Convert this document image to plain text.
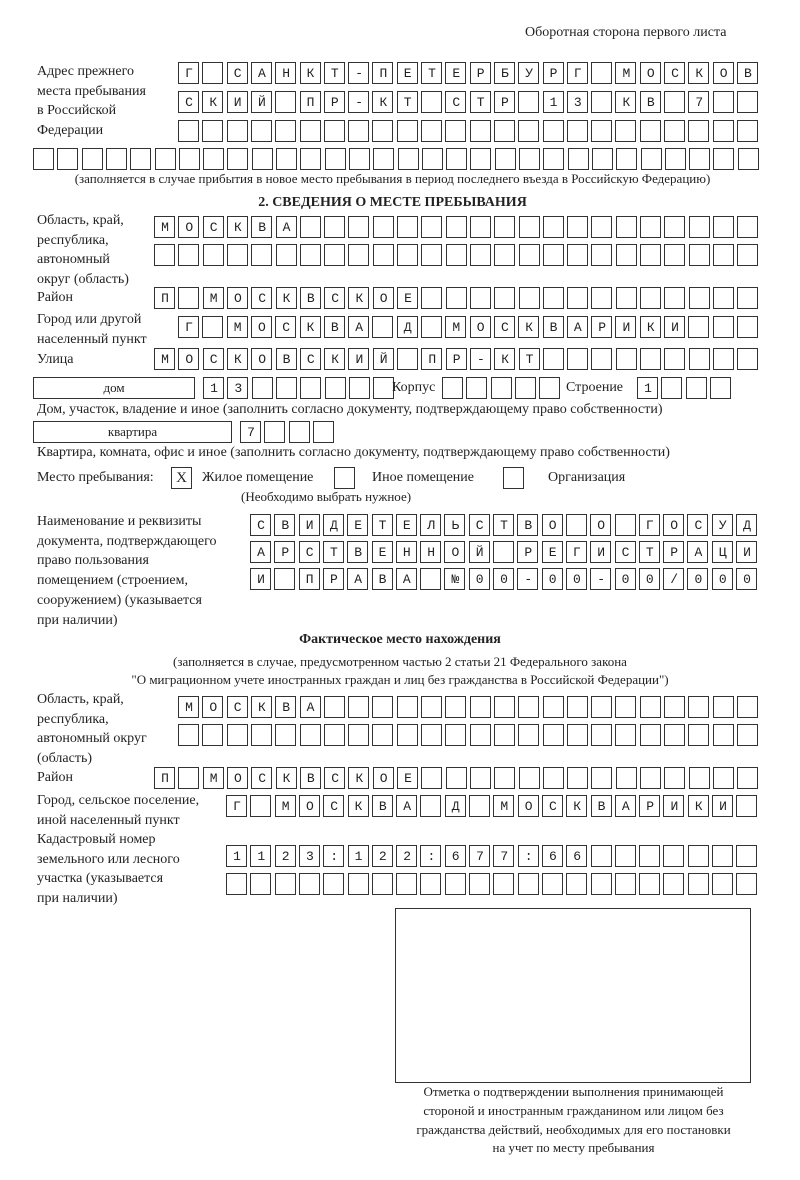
Оборотная сторона первого листа
Адрес прежнего
места пребывания
в Российской
Федерации
Г САНКТ-ПЕТЕРБУРГ МОСКОВ
СКИЙ ПР-КТ СТР 13 КВ 7
(заполняется в случае прибытия в новое место пребывания в период последнего въезда в Российскую Федерацию)
2. СВЕДЕНИЯ О МЕСТЕ ПРЕБЫВАНИЯ
Область, край,
республика,
автономный
округ (область)
МОСКВА
Район	П МОСКВСКОЕ
Город или другой
населенный пункт
Г МОСКВА Д МОСКВАРИКИ
Улица	МОСКОВСКИЙ ПР-КТ
дом	13	Корпус	Строение	1
Дом, участок, владение и иное (заполнить согласно документу, подтверждающему право собственности)
квартира	7
Квартира, комната, офис и иное (заполнить согласно документу, подтверждающему право собственности)
Место пребывания:	X	Жилое помещение	Иное помещение	Организация
(Необходимо выбрать нужное)
Наименование и реквизиты
документа, подтверждающего
право пользования
помещением (строением,
сооружением) (указывается
при наличии)
СВИДЕТЕЛЬСТВО О ГОСУД
АРСТВЕННОЙ РЕГИСТРАЦИ
И ПРАВА №00-00-00/000
Фактическое место нахождения
(заполняется в случае, предусмотренном частью 2 статьи 21 Федерального закона
"О миграционном учете иностранных граждан и лиц без гражданства в Российской Федерации")
Область, край,
республика,
автономный округ
(область)
МОСКВА
Район	П МОСКВСКОЕ
Город, сельское поселение,
иной населенный пункт
Г МОСКВА Д МОСКВАРИКИ
Кадастровый номер
земельного или лесного
участка (указывается
при наличии)
1123:122:677:66
Отметка о подтверждении выполнения принимающей
стороной и иностранным гражданином или лицом без
гражданства действий, необходимых для его постановки
на учет по месту пребывания
